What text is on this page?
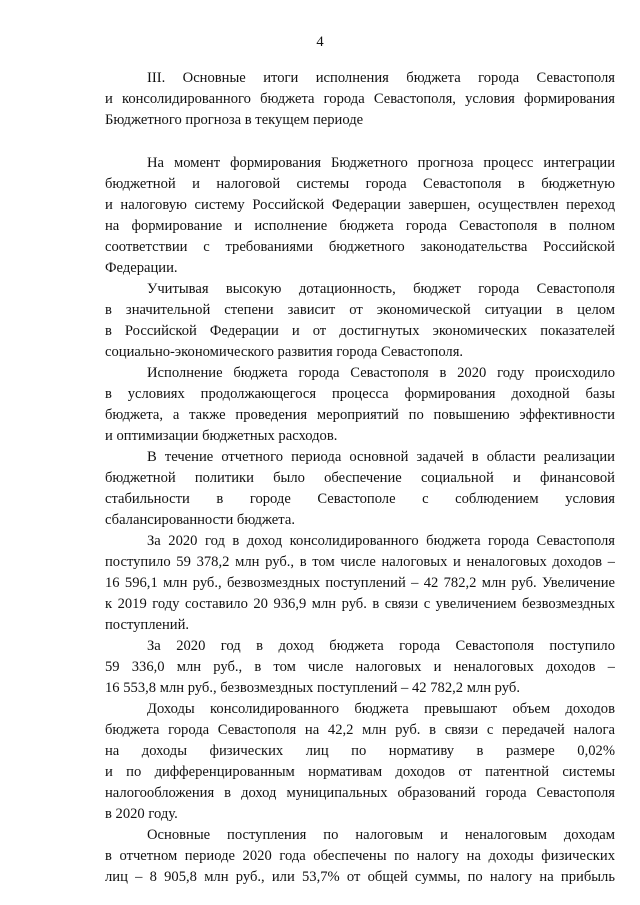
4
III. Основные итоги исполнения бюджета города Севастополя
и консолидированного бюджета города Севастополя, условия формирования
Бюджетного прогноза в текущем периоде
На момент формирования Бюджетного прогноза процесс интеграции
бюджетной и налоговой системы города Севастополя в бюджетную
и налоговую систему Российской Федерации завершен, осуществлен переход
на формирование и исполнение бюджета города Севастополя в полном
соответствии с требованиями бюджетного законодательства Российской
Федерации.
Учитывая высокую дотационность, бюджет города Севастополя
в значительной степени зависит от экономической ситуации в целом
в Российской Федерации и от достигнутых экономических показателей
социально-экономического развития города Севастополя.
Исполнение бюджета города Севастополя в 2020 году происходило
в условиях продолжающегося процесса формирования доходной базы
бюджета, а также проведения мероприятий по повышению эффективности
и оптимизации бюджетных расходов.
В течение отчетного периода основной задачей в области реализации
бюджетной политики было обеспечение социальной и финансовой
стабильности в городе Севастополе с соблюдением условия
сбалансированности бюджета.
За 2020 год в доход консолидированного бюджета города Севастополя
поступило 59 378,2 млн руб., в том числе налоговых и неналоговых доходов –
16 596,1 млн руб., безвозмездных поступлений – 42 782,2 млн руб. Увеличение
к 2019 году составило 20 936,9 млн руб. в связи с увеличением безвозмездных
поступлений.
За 2020 год в доход бюджета города Севастополя поступило
59 336,0 млн руб., в том числе налоговых и неналоговых доходов –
16 553,8 млн руб., безвозмездных поступлений – 42 782,2 млн руб.
Доходы консолидированного бюджета превышают объем доходов
бюджета города Севастополя на 42,2 млн руб. в связи с передачей налога
на доходы физических лиц по нормативу в размере 0,02%
и по дифференцированным нормативам доходов от патентной системы
налогообложения в доход муниципальных образований города Севастополя
в 2020 году.
Основные поступления по налоговым и неналоговым доходам
в отчетном периоде 2020 года обеспечены по налогу на доходы физических
лиц – 8 905,8 млн руб., или 53,7% от общей суммы, по налогу на прибыль
